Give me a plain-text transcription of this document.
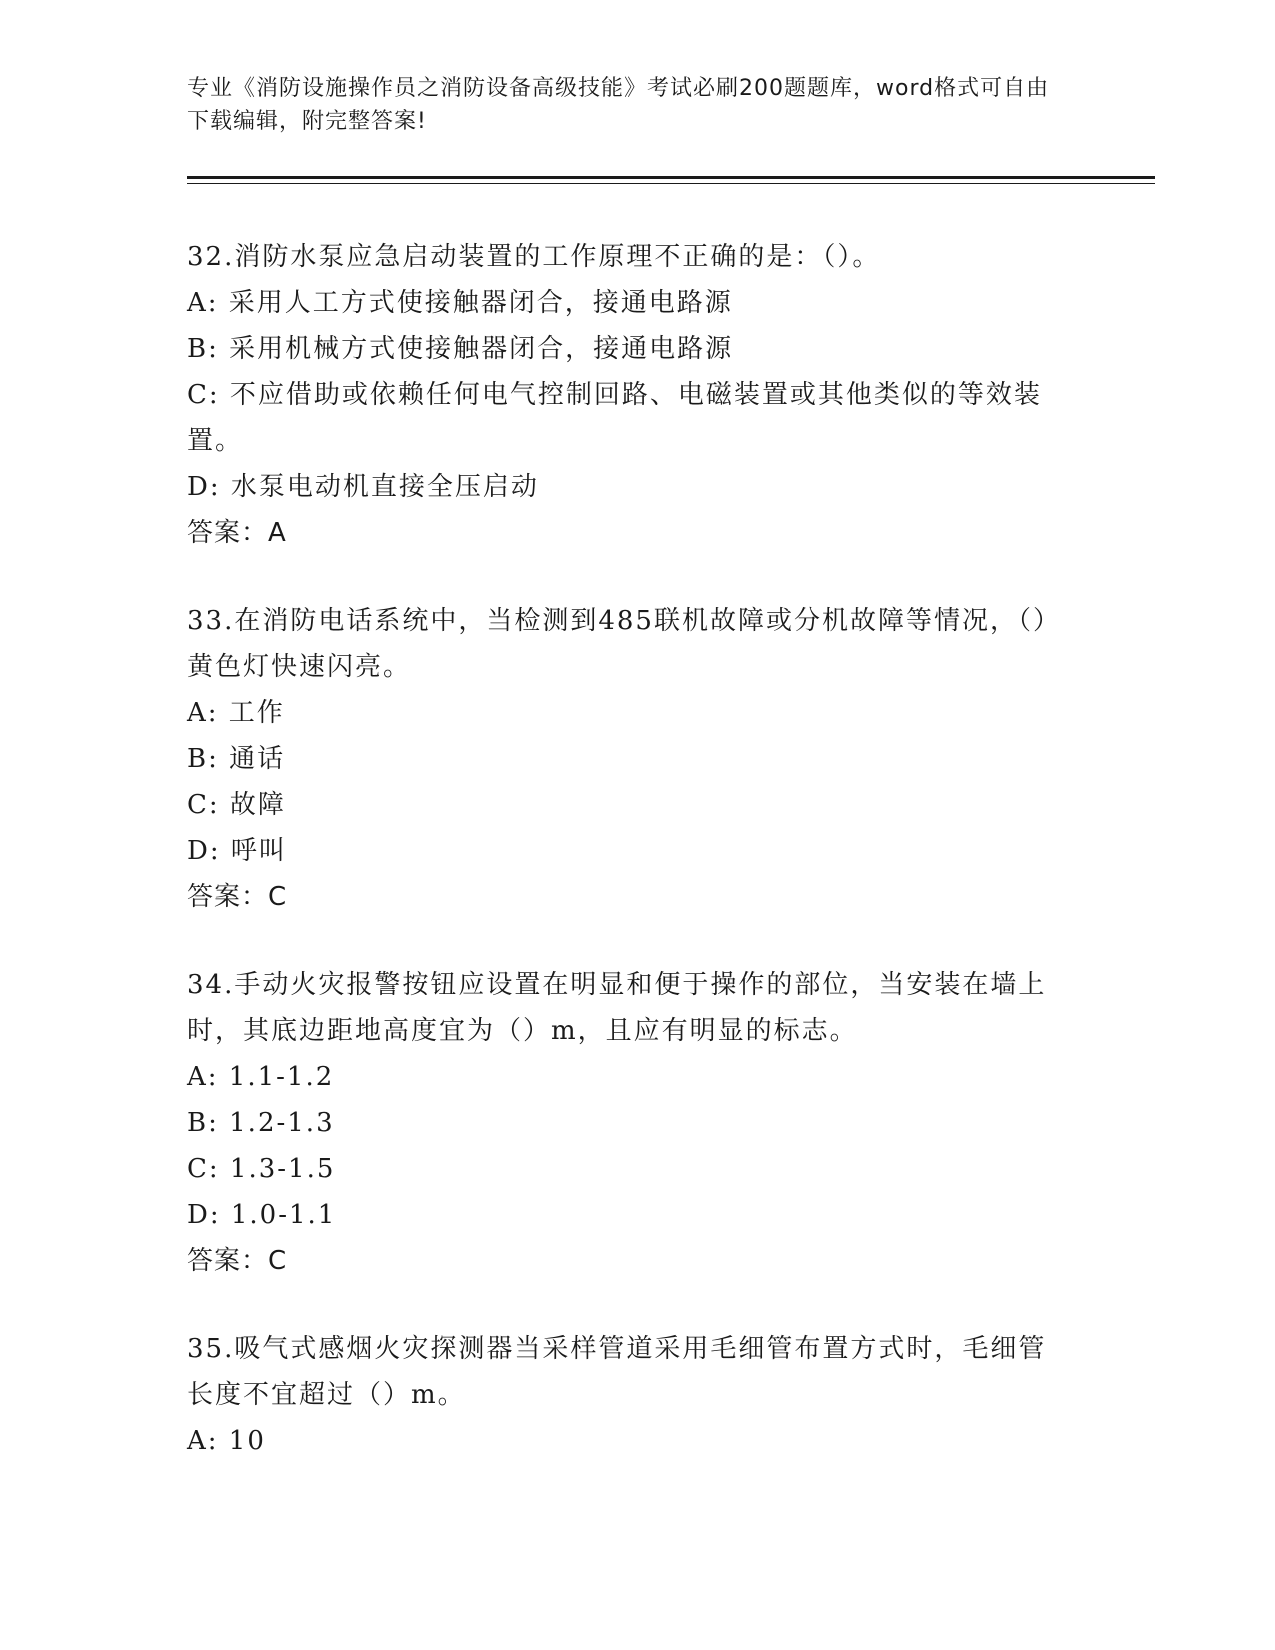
专业《消防设施操作员之消防设备高级技能》考试必刷200题题库，word格式可自由下载编辑，附完整答案!

32.消防水泵应急启动装置的工作原理不正确的是：（）。

A: 采用人工方式使接触器闭合，接通电路源

B: 采用机械方式使接触器闭合，接通电路源

C: 不应借助或依赖任何电气控制回路、电磁装置或其他类似的等效装置。

D: 水泵电动机直接全压启动

答案：A

33.在消防电话系统中，当检测到485联机故障或分机故障等情况，（）黄色灯快速闪亮。

A: 工作

B: 通话

C: 故障

D: 呼叫

答案：C

34.手动火灾报警按钮应设置在明显和便于操作的部位，当安装在墙上时，其底边距地高度宜为（）m，且应有明显的标志。

A: 1.1-1.2

B: 1.2-1.3

C: 1.3-1.5

D: 1.0-1.1

答案：C

35.吸气式感烟火灾探测器当采样管道采用毛细管布置方式时，毛细管长度不宜超过（）m。

A: 10
